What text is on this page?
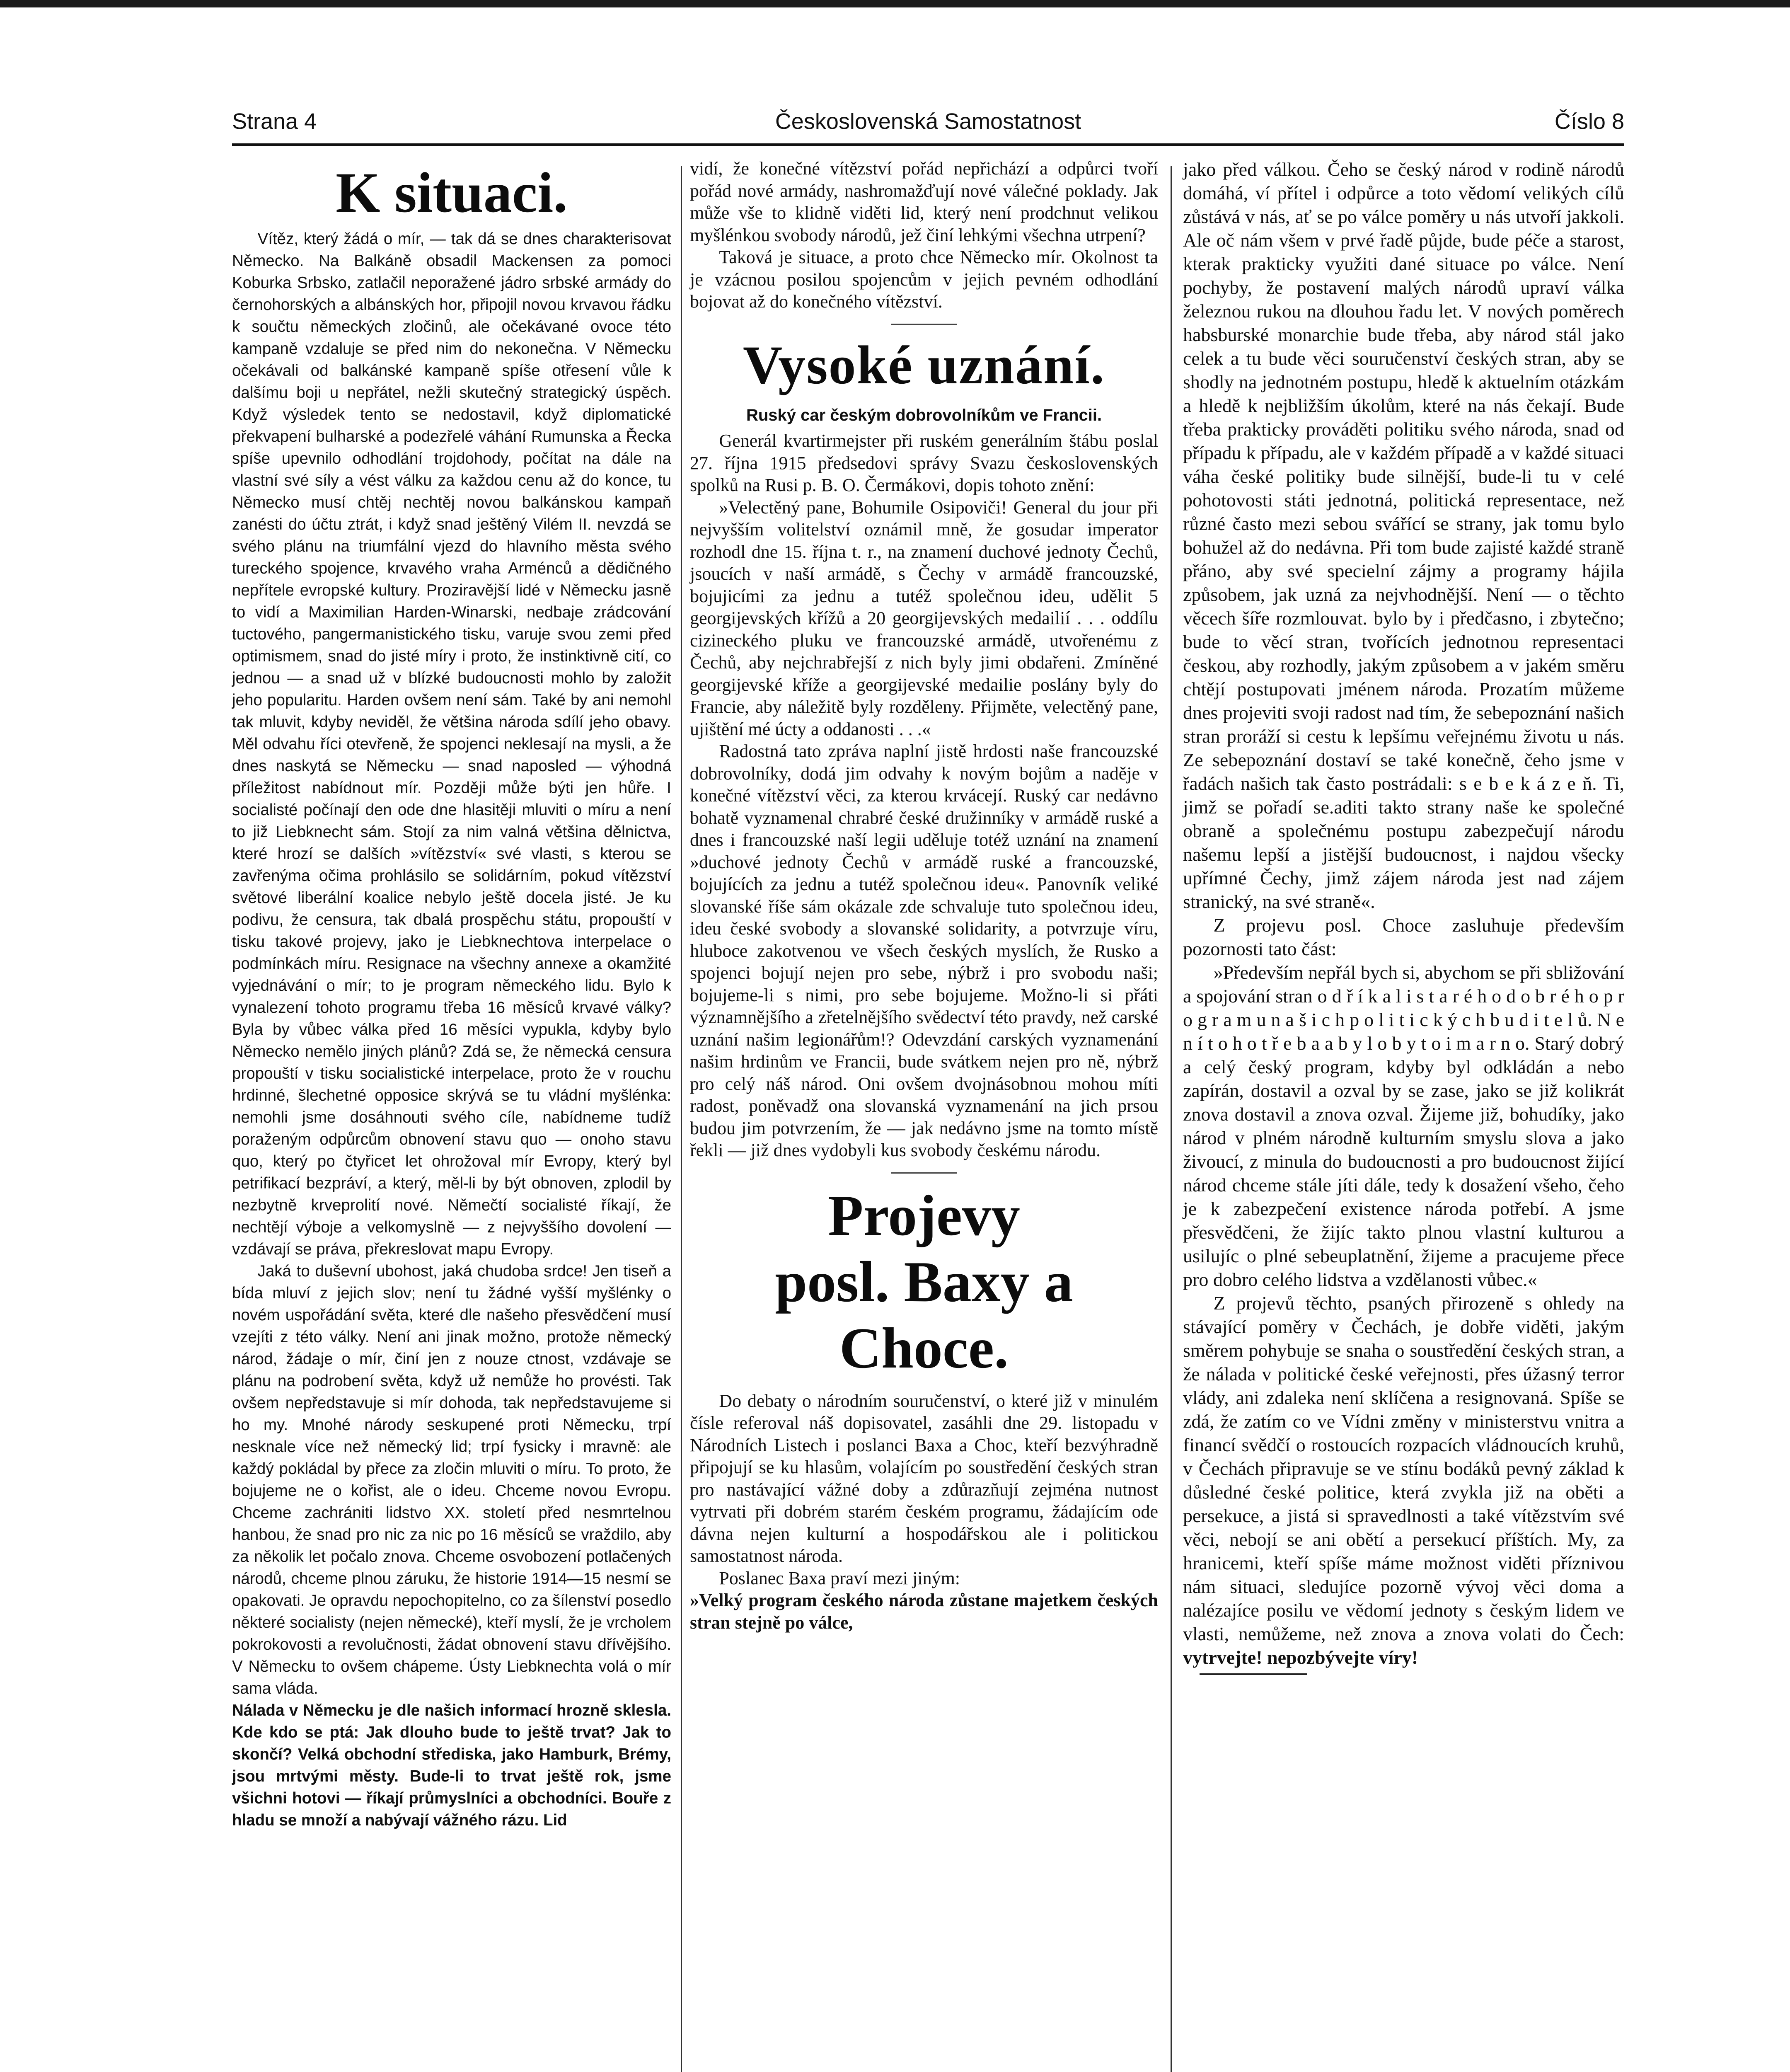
Strana 4	Československá Samostatnost	Číslo 8
K situaci.

Vítěz, který žádá o mír, — tak dá se dnes charakterisovat Německo. Na Balkáně obsadil Mackensen za pomoci Koburka Srbsko, zatlačil neporažené jádro srbské armády do černohorských a albánských hor, připojil novou krvavou řádku k součtu německých zločinů, ale očekávané ovoce této kampaně vzdaluje se před nim do nekonečna. V Německu očekávali od balkánské kampaně spíše otřesení vůle k dalšímu boji u nepřátel, nežli skutečný strategický úspěch. Když výsledek tento se nedostavil, když diplomatické překvapení bulharské a podezřelé váhání Rumunska a Řecka spíše upevnilo odhodlání trojdohody, počítat na dále na vlastní své síly a vést válku za každou cenu až do konce, tu Německo musí chtěj nechtěj novou balkánskou kampaň zanésti do účtu ztrát, i když snad ještěný Vilém II. nevzdá se svého plánu na triumfální vjezd do hlavního města svého tureckého spojence, krvavého vraha Arménců a dědičného nepřítele evropské kultury. Proziravější lidé v Německu jasně to vidí a Maximilian Harden-Winarski, nedbaje zrádcování tuctového, pangermanistického tisku, varuje svou zemi před optimismem, snad do jisté míry i proto, že instinktivně cití, co jednou — a snad už v blízké budoucnosti mohlo by založit jeho popularitu. Harden ovšem není sám. Také by ani nemohl tak mluvit, kdyby neviděl, že většina národa sdílí jeho obavy. Měl odvahu říci otevřeně, že spojenci neklesají na mysli, a že dnes naskytá se Německu — snad naposled — výhodná příležitost nabídnout mír. Později může býti jen hůře. I socialisté počínají den ode dne hlasitěji mluviti o míru a není to již Liebknecht sám. Stojí za nim valná většina dělnictva, které hrozí se dalších »vítězství« své vlasti, s kterou se zavřenýma očima prohlásilo se solidárním, pokud vítězství světové liberální koalice nebylo ještě docela jisté. Je ku podivu, že censura, tak dbalá prospěchu státu, propouští v tisku takové projevy, jako je Liebknechtova interpelace o podmínkách míru. Resignace na všechny annexe a okamžité vyjednávání o mír; to je program německého lidu. Bylo k vynalezení tohoto programu třeba 16 měsíců krvavé války? Byla by vůbec válka před 16 měsíci vypukla, kdyby bylo Německo nemělo jiných plánů? Zdá se, že německá censura propouští v tisku socialistické interpelace, proto že v rouchu hrdinné, šlechetné opposice skrývá se tu vládní myšlénka: nemohli jsme dosáhnouti svého cíle, nabídneme tudíž poraženým odpůrcům obnovení stavu quo — onoho stavu quo, který po čtyřicet let ohrožoval mír Evropy, který byl petrifikací bezpráví, a který, měl-li by být obnoven, zplodil by nezbytně krveprolití nové. Němečtí socialisté říkají, že nechtějí výboje a velkomyslně — z nejvyššího dovolení — vzdávají se práva, překreslovat mapu Evropy.

Jaká to duševní ubohost, jaká chudoba srdce! Jen tiseň a bída mluví z jejich slov; není tu žádné vyšší myšlénky o novém uspořádání světa, které dle našeho přesvědčení musí vzejíti z této války. Není ani jinak možno, protože německý národ, žádaje o mír, činí jen z nouze ctnost, vzdávaje se plánu na podrobení světa, když už nemůže ho provésti. Tak ovšem nepředstavuje si mír dohoda, tak nepředstavujeme si ho my. Mnohé národy seskupené proti Německu, trpí nesknale více než německý lid; trpí fysicky i mravně: ale každý pokládal by přece za zločin mluviti o míru. To proto, že bojujeme ne o kořist, ale o ideu. Chceme novou Evropu. Chceme zachrániti lidstvo XX. století před nesmrtelnou hanbou, že snad pro nic za nic po 16 měsíců se vraždilo, aby za několik let počalo znova. Chceme osvobození potlačených národů, chceme plnou záruku, že historie 1914—15 nesmí se opakovati. Je opravdu nepochopitelno, co za šílenství posedlo některé socialisty (nejen německé), kteří myslí, že je vrcholem pokrokovosti a revolučnosti, žádat obnovení stavu dřívějšího. V Německu to ovšem chápeme. Ústy Liebknechta volá o mír sama vláda.

Nálada v Německu je dle našich informací hrozně sklesla. Kde kdo se ptá: Jak dlouho bude to ještě trvat? Jak to skončí? Velká obchodní střediska, jako Hamburk, Brémy, jsou mrtvými městy. Bude-li to trvat ještě rok, jsme všichni hotovi — říkají průmyslníci a obchodníci. Bouře z hladu se množí a nabývají vážného rázu. Lid

vidí, že konečné vítězství pořád nepřichází a odpůrci tvoří pořád nové armády, nashromažďují nové válečné poklady. Jak může vše to klidně viděti lid, který není prodchnut velikou myšlénkou svobody národů, jež činí lehkými všechna utrpení?

Taková je situace, a proto chce Německo mír. Okolnost ta je vzácnou posilou spojencům v jejich pevném odhodlání bojovat až do konečného vítězství.

Vysoké uznání.
Ruský car českým dobrovolníkům ve Francii.

Generál kvartirmejster při ruském generálním štábu poslal 27. října 1915 předsedovi správy Svazu československých spolků na Rusi p. B. O. Čermákovi, dopis tohoto znění:

»Velectěný pane, Bohumile Osipoviči! General du jour při nejvyšším volitelství oznámil mně, že gosudar imperator rozhodl dne 15. října t. r., na znamení duchové jednoty Čechů, jsoucích v naší armádě, s Čechy v armádě francouzské, bojujicími za jednu a tutéž společnou ideu, udělit 5 georgijevských křížů a 20 georgijevských medailií . . . oddílu cizineckého pluku ve francouzské armádě, utvořenému z Čechů, aby nejchrabřejší z nich byly jimi obdařeni. Zmíněné georgijevské kříže a georgijevské medailie poslány byly do Francie, aby náležitě byly rozděleny. Přijměte, velectěný pane, ujištění mé úcty a oddanosti . . .«

Radostná tato zpráva naplní jistě hrdosti naše francouzské dobrovolníky, dodá jim odvahy k novým bojům a naděje v konečné vítězství věci, za kterou krvácejí. Ruský car nedávno bohatě vyznamenal chrabré české družinníky v armádě ruské a dnes i francouzské naší legii uděluje totéž uznání na znamení »duchové jednoty Čechů v armádě ruské a francouzské, bojujících za jednu a tutéž společnou ideu«. Panovník veliké slovanské říše sám okázale zde schvaluje tuto společnou ideu, ideu české svobody a slovanské solidarity, a potvrzuje víru, hluboce zakotvenou ve všech českých myslích, že Rusko a spojenci bojují nejen pro sebe, nýbrž i pro svobodu naši; bojujeme-li s nimi, pro sebe bojujeme. Možno-li si přáti významnějšího a zřetelnějšího svědectví této pravdy, než carské uznání našim legionářům!? Odevzdání carských vyznamenání našim hrdinům ve Francii, bude svátkem nejen pro ně, nýbrž pro celý náš národ. Oni ovšem dvojnásobnou mohou míti radost, poněvadž ona slovanská vyznamenání na jich prsou budou jim potvrzením, že — jak nedávno jsme na tomto místě řekli — již dnes vydobyli kus svobody českému národu.

Projevy
posl. Baxy a Choce.

Do debaty o národním souručenství, o které již v minulém čísle referoval náš dopisovatel, zasáhli dne 29. listopadu v Národních Listech i poslanci Baxa a Choc, kteří bezvýhradně připojují se ku hlasům, volajícím po soustředění českých stran pro nastávající vážné doby a zdůrazňují zejména nutnost vytrvati při dobrém starém českém programu, žádajícím ode dávna nejen kulturní a hospodářskou ale i politickou samostatnost národa.

Poslanec Baxa praví mezi jiným:

»Velký program českého národa zůstane majetkem českých stran stejně po válce,

jako před válkou. Čeho se český národ v rodině národů domáhá, ví přítel i odpůrce a toto vědomí velikých cílů zůstává v nás, ať se po válce poměry u nás utvoří jakkoli. Ale oč nám všem v prvé řadě půjde, bude péče a starost, kterak prakticky využiti dané situace po válce. Není pochyby, že postavení malých národů upraví válka železnou rukou na dlouhou řadu let. V nových poměrech habsburské monarchie bude třeba, aby národ stál jako celek a tu bude věci souručenství českých stran, aby se shodly na jednotném postupu, hledě k aktuelním otázkám a hledě k nejbližším úkolům, které na nás čekají. Bude třeba prakticky prováděti politiku svého národa, snad od případu k případu, ale v každém případě a v každé situaci váha české politiky bude silnější, bude-li tu v celé pohotovosti státi jednotná, politická representace, než různé často mezi sebou svářící se strany, jak tomu bylo bohužel až do nedávna. Při tom bude zajisté každé straně přáno, aby své specielní zájmy a programy hájila způsobem, jak uzná za nejvhodnější. Není — o těchto věcech šíře rozmlouvat. bylo by i předčasno, i zbytečno; bude to věcí stran, tvořících jednotnou representaci českou, aby rozhodly, jakým způsobem a v jakém směru chtějí postupovati jménem národa. Prozatím můžeme dnes projeviti svoji radost nad tím, že sebepoznání našich stran proráží si cestu k lepšímu veřejnému životu u nás. Ze sebepoznání dostaví se také konečně, čeho jsme v řadách našich tak často postrádali: s e b e k á z e ň. Ti, jimž se pořadí se.aditi takto strany naše ke společné obraně a společnému postupu zabezpečují národu našemu lepší a jistější budoucnost, i najdou všecky upřímné Čechy, jimž zájem národa jest nad zájem stranický, na své straně«.

Z projevu posl. Choce zasluhuje především pozornosti tato část:

»Především nepřál bych si, abychom se při sbližování a spojování stran o d ř í k a l i s t a r é h o d o b r é h o p r o g r a m u n a š i c h p o l i t i c k ý c h b u d i t e l ů. N e n í t o h o t ř e b a a b y l o b y t o i m a r n o. Starý dobrý a celý český program, kdyby byl odkládán a nebo zapírán, dostavil a ozval by se zase, jako se již kolikrát znova dostavil a znova ozval. Žijeme již, bohudíky, jako národ v plném národně kulturním smyslu slova a jako živoucí, z minula do budoucnosti a pro budoucnost žijící národ chceme stále jíti dále, tedy k dosažení všeho, čeho je k zabezpečení existence národa potřebí. A jsme přesvědčeni, že žijíc takto plnou vlastní kulturou a usilujíc o plné sebeuplatnění, žijeme a pracujeme přece pro dobro celého lidstva a vzdělanosti vůbec.«

Z projevů těchto, psaných přirozeně s ohledy na stávající poměry v Čechách, je dobře viděti, jakým směrem pohybuje se snaha o soustředění českých stran, a že nálada v politické české veřejnosti, přes úžasný terror vlády, ani zdaleka není sklíčena a resignovaná. Spíše se zdá, že zatím co ve Vídni změny v ministerstvu vnitra a financí svědčí o rostoucích rozpacích vládnoucích kruhů, v Čechách připravuje se ve stínu bodáků pevný základ k důsledné české politice, která zvykla již na oběti a persekuce, a jistá si spravedlnosti a také vítězstvím své věci, nebojí se ani obětí a persekucí příštích. My, za hranicemi, kteří spíše máme možnost viděti příznivou nám situaci, sledujíce pozorně vývoj věci doma a nalézajíce posilu ve vědomí jednoty s českým lidem ve vlasti, nemůžeme, než znova a znova volati do Čech: vytrvejte! nepozbývejte víry!
